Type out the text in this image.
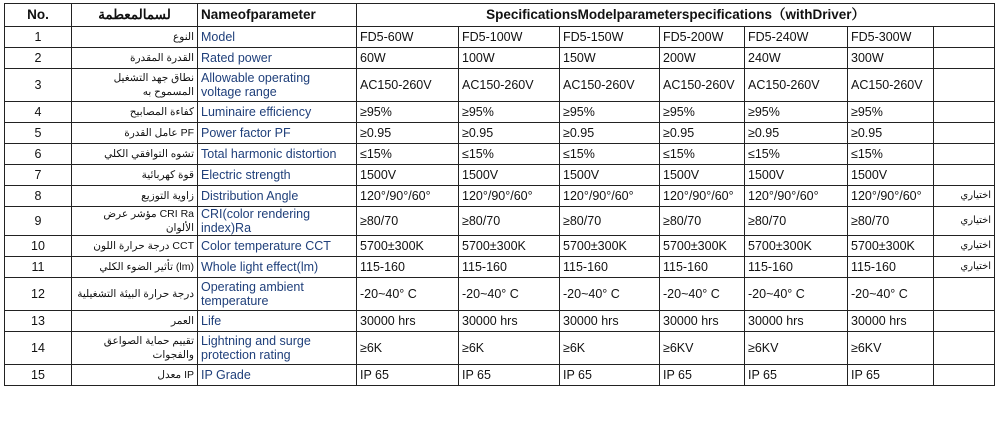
No.	لسمالمعطمة	Nameofparameter	SpecificationsModelparameterspecifications（withDriver）						
1	النوع	Model	FD5-60W	FD5-100W	FD5-150W	FD5-200W	FD5-240W	FD5-300W	
2	القدرة المقدرة	Rated power	60W	100W	150W	200W	240W	300W	
3	نطاق جهد التشغيل المسموح به	Allowable operating voltage range	AC150-260V	AC150-260V	AC150-260V	AC150-260V	AC150-260V	AC150-260V	
4	كفاءة المصابيح	Luminaire efficiency	≥95%	≥95%	≥95%	≥95%	≥95%	≥95%	
5	PF عامل القدرة	Power factor PF	≥0.95	≥0.95	≥0.95	≥0.95	≥0.95	≥0.95	
6	تشوه التوافقي الكلي	Total harmonic distortion	≤15%	≤15%	≤15%	≤15%	≤15%	≤15%	
7	قوة كهربائية	Electric strength	1500V	1500V	1500V	1500V	1500V	1500V	
8	زاوية التوزيع	Distribution Angle	120°/90°/60°	120°/90°/60°	120°/90°/60°	120°/90°/60°	120°/90°/60°	120°/90°/60°	اختياري
9	CRI Ra مؤشر عرض الألوان	CRI(color rendering index)Ra	≥80/70	≥80/70	≥80/70	≥80/70	≥80/70	≥80/70	اختياري
10	CCT درجة حرارة اللون	Color temperature CCT	5700±300K	5700±300K	5700±300K	5700±300K	5700±300K	5700±300K	اختياري
11	(lm) تأثير الضوء الكلي	Whole light effect(lm)	115-160	115-160	115-160	115-160	115-160	115-160	اختياري
12	درجة حرارة البيئة التشغيلية	Operating ambient temperature	-20~40° C	-20~40° C	-20~40° C	-20~40° C	-20~40° C	-20~40° C	
13	العمر	Life	30000 hrs	30000 hrs	30000 hrs	30000 hrs	30000 hrs	30000 hrs	
14	تقييم حماية الصواعق والفجوات	Lightning and surge protection rating	≥6K	≥6K	≥6K	≥6KV	≥6KV	≥6KV	
15	IP معدل	IP Grade	IP 65	IP 65	IP 65	IP 65	IP 65	IP 65	
